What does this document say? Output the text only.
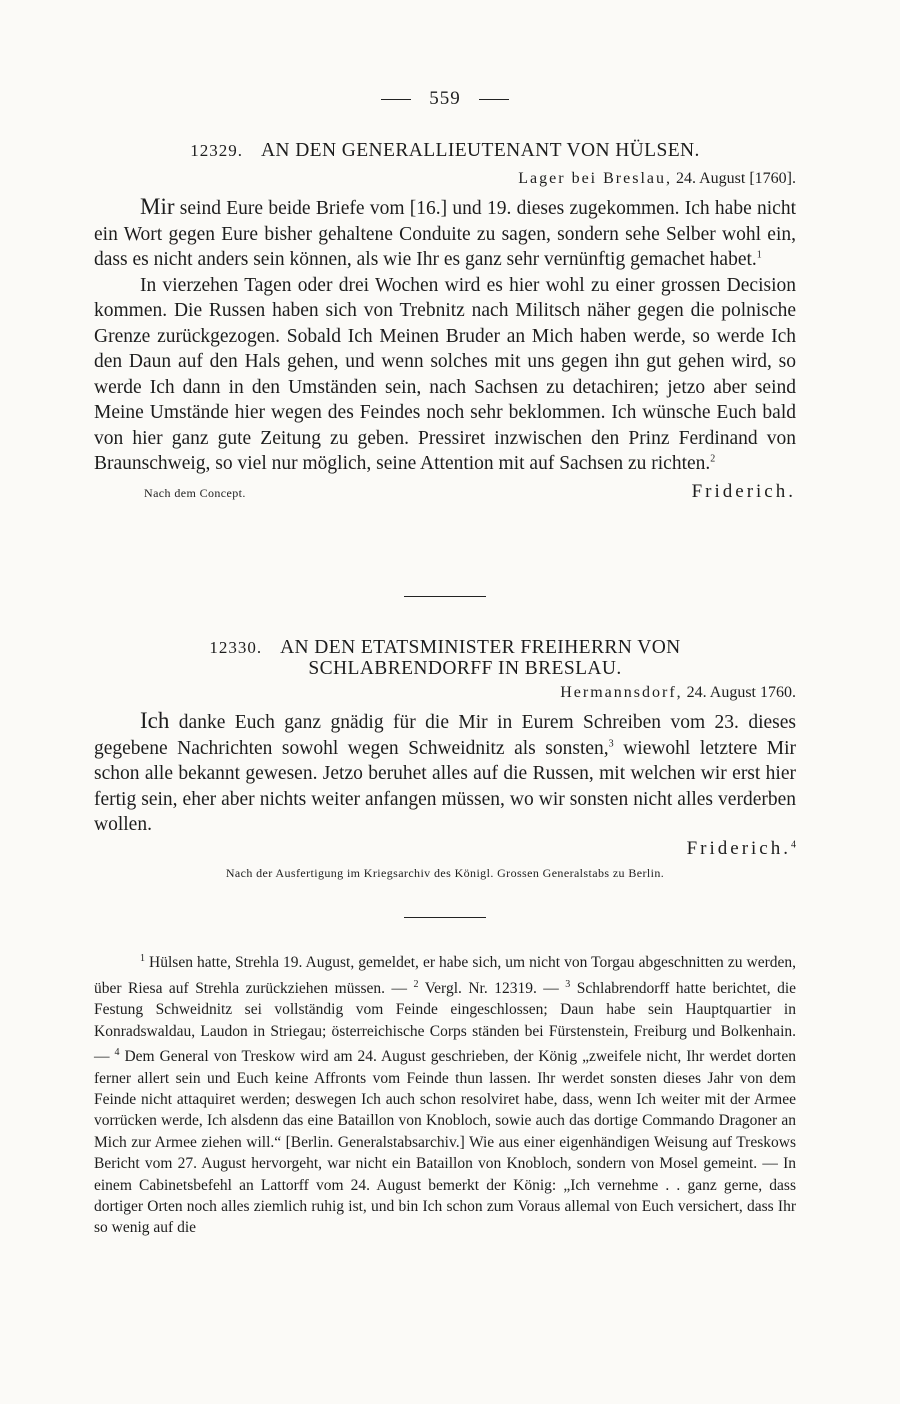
559
12329. AN DEN GENERALLIEUTENANT VON HÜLSEN.
Lager bei Breslau, 24. August [1760].

Mir seind Eure beide Briefe vom [16.] und 19. dieses zugekommen. Ich habe nicht ein Wort gegen Eure bisher gehaltene Conduite zu sagen, sondern sehe Selber wohl ein, dass es nicht anders sein können, als wie Ihr es ganz sehr vernünftig gemachet habet.$^1$

In vierzehen Tagen oder drei Wochen wird es hier wohl zu einer grossen Decision kommen. Die Russen haben sich von Trebnitz nach Militsch näher gegen die polnische Grenze zurückgezogen. Sobald Ich Meinen Bruder an Mich haben werde, so werde Ich den Daun auf den Hals gehen, und wenn solches mit uns gegen ihn gut gehen wird, so werde Ich dann in den Umständen sein, nach Sachsen zu detachiren; jetzo aber seind Meine Umstände hier wegen des Feindes noch sehr beklommen. Ich wünsche Euch bald von hier ganz gute Zeitung zu geben. Pressiret inzwischen den Prinz Ferdinand von Braunschweig, so viel nur möglich, seine Attention mit auf Sachsen zu richten.$^2$

Nach dem Concept.	Friderich.
12330. AN DEN ETATSMINISTER FREIHERRN VON
SCHLABRENDORFF IN BRESLAU.
Hermannsdorf, 24. August 1760.

Ich danke Euch ganz gnädig für die Mir in Eurem Schreiben vom 23. dieses gegebene Nachrichten sowohl wegen Schweidnitz als sonsten,$^3$ wiewohl letztere Mir schon alle bekannt gewesen. Jetzo beruhet alles auf die Russen, mit welchen wir erst hier fertig sein, eher aber nichts weiter anfangen müssen, wo wir sonsten nicht alles verderben wollen.

Friderich.$^4$
Nach der Ausfertigung im Kriegsarchiv des Königl. Grossen Generalstabs zu Berlin.

$^1$ Hülsen hatte, Strehla 19. August, gemeldet, er habe sich, um nicht von Torgau abgeschnitten zu werden, über Riesa auf Strehla zurückziehen müssen. — $^2$ Vergl. Nr. 12319. — $^3$ Schlabrendorff hatte berichtet, die Festung Schweidnitz sei vollständig vom Feinde eingeschlossen; Daun habe sein Hauptquartier in Konradswaldau, Laudon in Striegau; österreichische Corps ständen bei Fürstenstein, Freiburg und Bolkenhain. — $^4$ Dem General von Treskow wird am 24. August geschrieben, der König „zweifele nicht, Ihr werdet dorten ferner allert sein und Euch keine Affronts vom Feinde thun lassen. Ihr werdet sonsten dieses Jahr von dem Feinde nicht attaquiret werden; deswegen Ich auch schon resolviret habe, dass, wenn Ich weiter mit der Armee vorrücken werde, Ich alsdenn das eine Bataillon von Knobloch, sowie auch das dortige Commando Dragoner an Mich zur Armee ziehen will.“ [Berlin. Generalstabsarchiv.] Wie aus einer eigenhändigen Weisung auf Treskows Bericht vom 27. August hervorgeht, war nicht ein Bataillon von Knobloch, sondern von Mosel gemeint. — In einem Cabinetsbefehl an Lattorff vom 24. August bemerkt der König: „Ich vernehme . . ganz gerne, dass dortiger Orten noch alles ziemlich ruhig ist, und bin Ich schon zum Voraus allemal von Euch versichert, dass Ihr so wenig auf die
